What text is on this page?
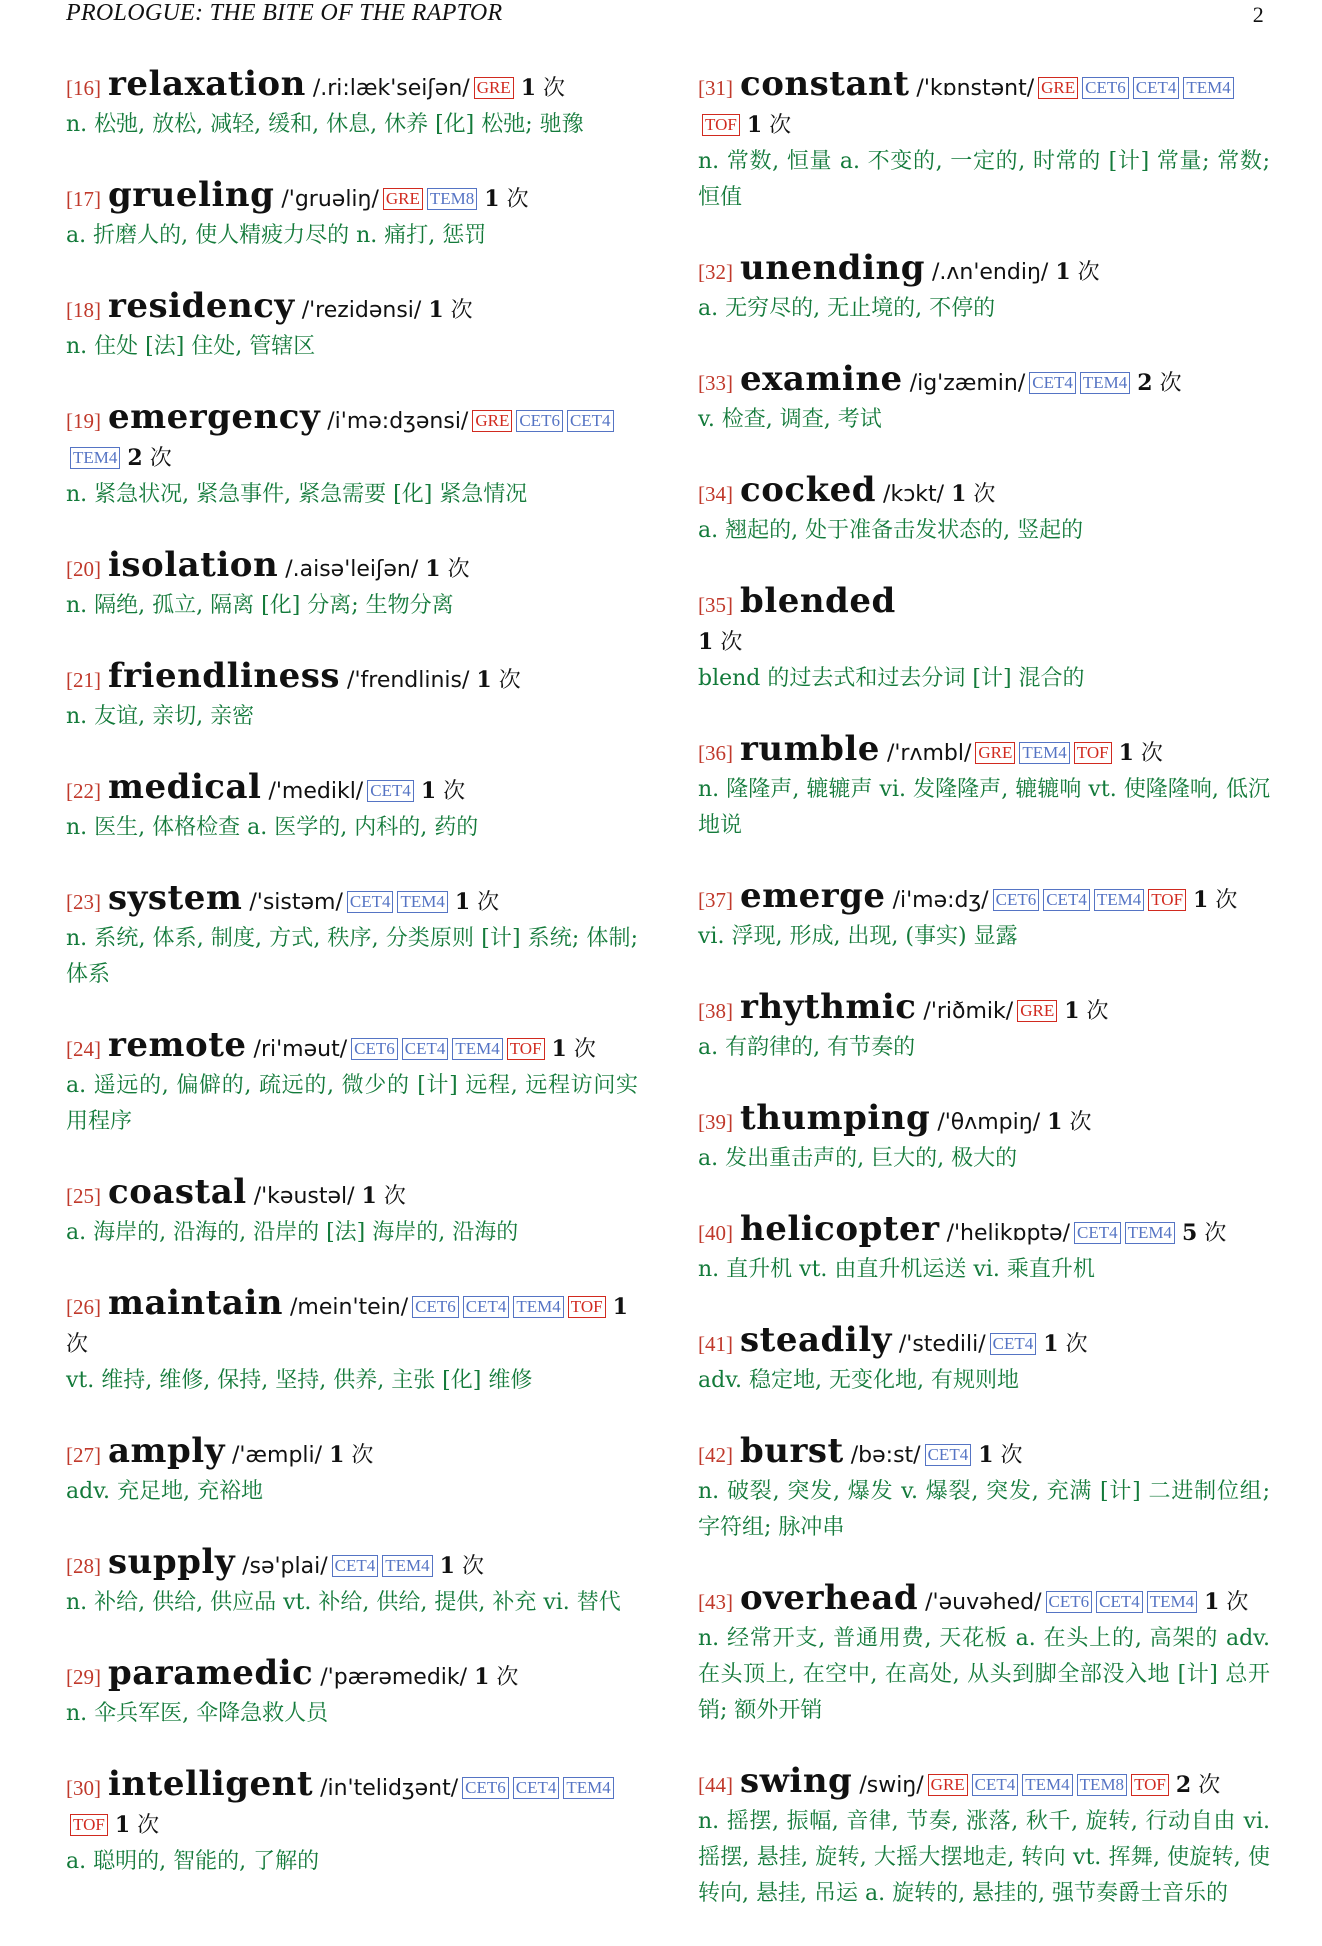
PROLOGUE: THE BITE OF THE RAPTOR	2
[16] relaxation /.ri:læk'seiʃən/ GRE 1 次
n. 松弛, 放松, 减轻, 缓和, 休息, 休养 [化] 松弛; 驰豫
[17] grueling /'gruəliŋ/ GRE TEM8 1 次
a. 折磨人的, 使人精疲力尽的 n. 痛打, 惩罚
[18] residency /'rezidənsi/ 1 次
n. 住处 [法] 住处, 管辖区
[19] emergency /i'mə:dʒənsi/ GRE CET6 CET4TEM4 2 次
n. 紧急状况, 紧急事件, 紧急需要 [化] 紧急情况
[20] isolation /.aisə'leiʃən/ 1 次
n. 隔绝, 孤立, 隔离 [化] 分离; 生物分离
[21] friendliness /'frendlinis/ 1 次
n. 友谊, 亲切, 亲密
[22] medical /'medikl/ CET4 1 次
n. 医生, 体格检查 a. 医学的, 内科的, 药的
[23] system /'sistəm/ CET4 TEM4 1 次
n. 系统, 体系, 制度, 方式, 秩序, 分类原则 [计] 系统; 体制; 体系
[24] remote /ri'məut/ CET6 CET4 TEM4 TOF 1 次
a. 遥远的, 偏僻的, 疏远的, 微少的 [计] 远程, 远程访问实用程序
[25] coastal /'kəustəl/ 1 次
a. 海岸的, 沿海的, 沿岸的 [法] 海岸的, 沿海的
[26] maintain /mein'tein/ CET6 CET4 TEM4 TOF 1 次
vt. 维持, 维修, 保持, 坚持, 供养, 主张 [化] 维修
[27] amply /'æmpli/ 1 次
adv. 充足地, 充裕地
[28] supply /sə'plai/ CET4 TEM4 1 次
n. 补给, 供给, 供应品 vt. 补给, 供给, 提供, 补充 vi. 替代
[29] paramedic /'pærəmedik/ 1 次
n. 伞兵军医, 伞降急救人员
[30] intelligent /in'telidʒənt/ CET6 CET4 TEM4TOF 1 次
a. 聪明的, 智能的, 了解的
[31] constant /'kɒnstənt/ GRE CET6 CET4 TEM4TOF 1 次
n. 常数, 恒量 a. 不变的, 一定的, 时常的 [计] 常量; 常数; 恒值
[32] unending /.ʌn'endiŋ/ 1 次
a. 无穷尽的, 无止境的, 不停的
[33] examine /ig'zæmin/ CET4 TEM4 2 次
v. 检查, 调查, 考试
[34] cocked /kɔkt/ 1 次
a. 翘起的, 处于准备击发状态的, 竖起的
[35] blended
1 次
blend 的过去式和过去分词 [计] 混合的
[36] rumble /'rʌmbl/ GRE TEM4 TOF 1 次
n. 隆隆声, 辘辘声 vi. 发隆隆声, 辘辘响 vt. 使隆隆响, 低沉地说
[37] emerge /i'mə:dʒ/ CET6 CET4 TEM4 TOF 1 次
vi. 浮现, 形成, 出现, (事实) 显露
[38] rhythmic /'riðmik/ GRE 1 次
a. 有韵律的, 有节奏的
[39] thumping /'θʌmpiŋ/ 1 次
a. 发出重击声的, 巨大的, 极大的
[40] helicopter /'helikɒptə/ CET4 TEM4 5 次
n. 直升机 vt. 由直升机运送 vi. 乘直升机
[41] steadily /'stedili/ CET4 1 次
adv. 稳定地, 无变化地, 有规则地
[42] burst /bə:st/ CET4 1 次
n. 破裂, 突发, 爆发 v. 爆裂, 突发, 充满 [计] 二进制位组; 字符组; 脉冲串
[43] overhead /'əuvəhed/ CET6 CET4 TEM4 1 次
n. 经常开支, 普通用费, 天花板 a. 在头上的, 高架的 adv. 在头顶上, 在空中, 在高处, 从头到脚全部没入地 [计] 总开销; 额外开销
[44] swing /swiŋ/ GRE CET4 TEM4 TEM8 TOF 2 次
n. 摇摆, 振幅, 音律, 节奏, 涨落, 秋千, 旋转, 行动自由 vi. 摇摆, 悬挂, 旋转, 大摇大摆地走, 转向 vt. 挥舞, 使旋转, 使转向, 悬挂, 吊运 a. 旋转的, 悬挂的, 强节奏爵士音乐的
